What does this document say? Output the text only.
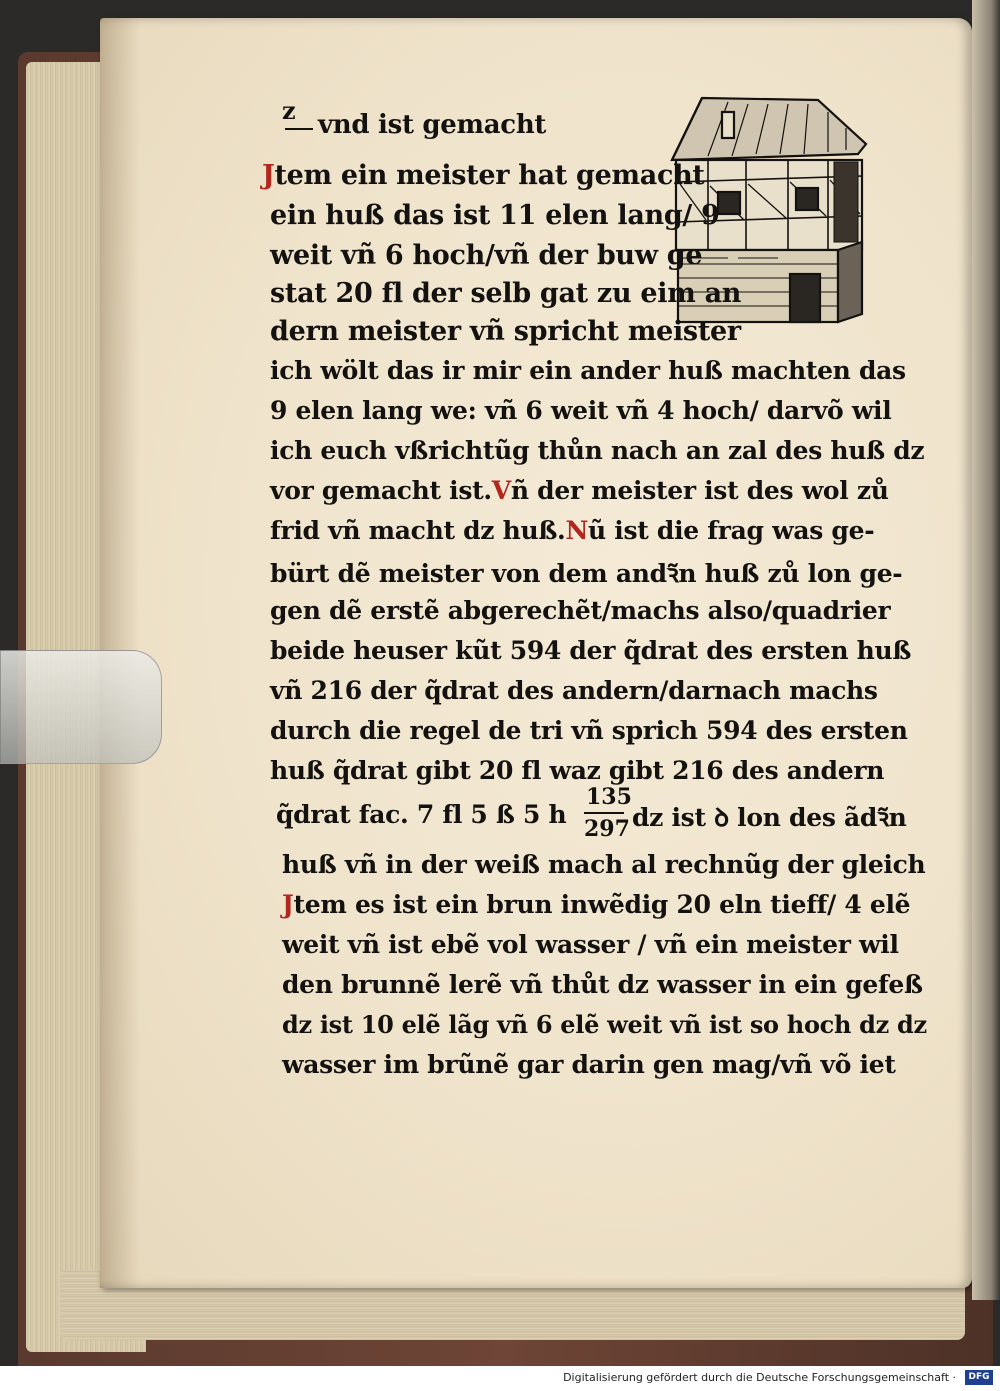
z vnd ist gemacht
Jtem ein meister hat gemacht
ein huß das ist 11 elen lang/ 9
weit vñ 6 hoch/vñ der buw ge
stat 20 fl der selb gat zu eim an
dern meister vñ spricht meister
ich wölt das ir mir ein ander huß machten das
9 elen lang we: vñ 6 weit vñ 4 hoch/ darvõ wil
ich euch vßrichtũg thůn nach an zal des huß dz
vor gemacht ist.Vñ der meister ist des wol zů
frid vñ macht dz huß.Nũ ist die frag was ge-
bürt dẽ meister von dem andꝛ̃n huß zů lon ge-
gen dẽ erstẽ abgerechẽt/machs also/quadrier
beide heuser kũt 594 der q̃drat des ersten huß
vñ 216 der q̃drat des andern/darnach machs
durch die regel de tri vñ sprich 594 des ersten
huß q̃drat gibt 20 fl waz gibt 216 des andern
q̃drat fac. 7 fl 5 ß 5 h
135
297 dz ist ꝺ lon des ãdꝛ̃n
huß vñ in der weiß mach al rechnũg der gleich
Jtem es ist ein brun inwẽdig 20 eln tieff/ 4 elẽ
weit vñ ist ebẽ vol wasser / vñ ein meister wil
den brunnẽ lerẽ vñ thůt dz wasser in ein gefeß
dz ist 10 elẽ lãg vñ 6 elẽ weit vñ ist so hoch dz dz
wasser im brũnẽ gar darin gen mag/vñ võ iet
Digitalisierung gefördert durch die Deutsche Forschungsgemeinschaft ·	DFG
